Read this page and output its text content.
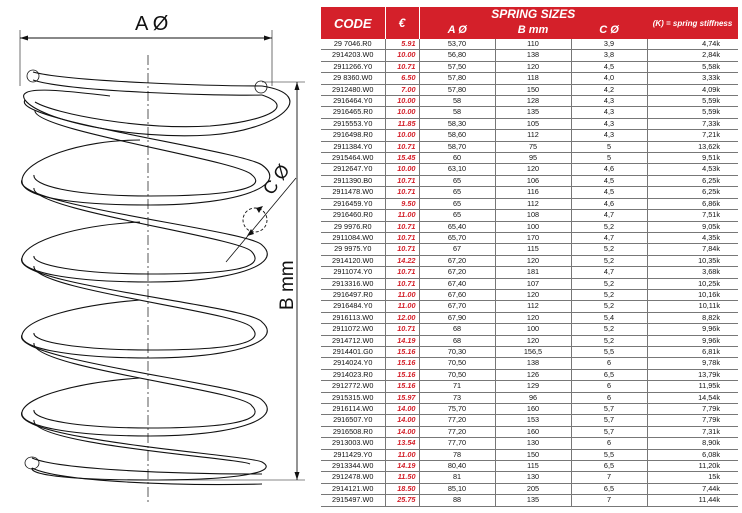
A Ø
B mm
C Ø
CODE	€	SPRING SIZES			(K) = spring stiffness
		A Ø	B mm	C Ø	
29 7046.R0	5.91	53,70	110	3,9	4,74k
2914203.W0	10.00	56,80	138	3,8	2,84k
2911266.Y0	10.71	57,50	120	4,5	5,58k
29 8360.W0	6.50	57,80	118	4,0	3,33k
2912480.W0	7.00	57,80	150	4,2	4,09k
2916464.Y0	10.00	58	128	4,3	5,59k
2916465.R0	10.00	58	135	4,3	5,59k
2915553.Y0	11.85	58,30	105	4,3	7,33k
2916498.R0	10.00	58,60	112	4,3	7,21k
2911384.Y0	10.71	58,70	75	5	13,62k
2915464.W0	15.45	60	95	5	9,51k
2912647.Y0	10.00	63,10	120	4,6	4,53k
2911390.B0	10.71	65	106	4,5	6,25k
2911478.W0	10.71	65	116	4,5	6,25k
2916459.Y0	9.50	65	112	4,6	6,86k
2916460.R0	11.00	65	108	4,7	7,51k
29 9976.R0	10.71	65,40	100	5,2	9,05k
2911084.W0	10.71	65,70	170	4,7	4,35k
29 9975.Y0	10.71	67	115	5,2	7,84k
2914120.W0	14.22	67,20	120	5,2	10,35k
2911074.Y0	10.71	67,20	181	4,7	3,68k
2913316.W0	10.71	67,40	107	5,2	10,25k
2916497.R0	11.00	67,60	120	5,2	10,16k
2916484.Y0	11.00	67,70	112	5,2	10,11k
2916113.W0	12.00	67,90	120	5,4	8,82k
2911072.W0	10.71	68	100	5,2	9,96k
2914712.W0	14.19	68	120	5,2	9,96k
2914401.G0	15.16	70,30	156,5	5,5	6,81k
2914024.Y0	15.16	70,50	138	6	9,78k
2914023.R0	15.16	70,50	126	6,5	13,79k
2912772.W0	15.16	71	129	6	11,95k
2915315.W0	15.97	73	96	6	14,54k
2916114.W0	14.00	75,70	160	5,7	7,79k
2916507.Y0	14.00	77,20	153	5,7	7,79k
2916508.R0	14.00	77,20	160	5,7	7,31k
2913003.W0	13.54	77,70	130	6	8,90k
2911429.Y0	11.00	78	150	5,5	6,08k
2913344.W0	14.19	80,40	115	6,5	11,20k
2912478.W0	11.50	81	130	7	15k
2914121.W0	18.50	85,10	205	6,5	7,44k
2915497.W0	25.75	88	135	7	11,44k
